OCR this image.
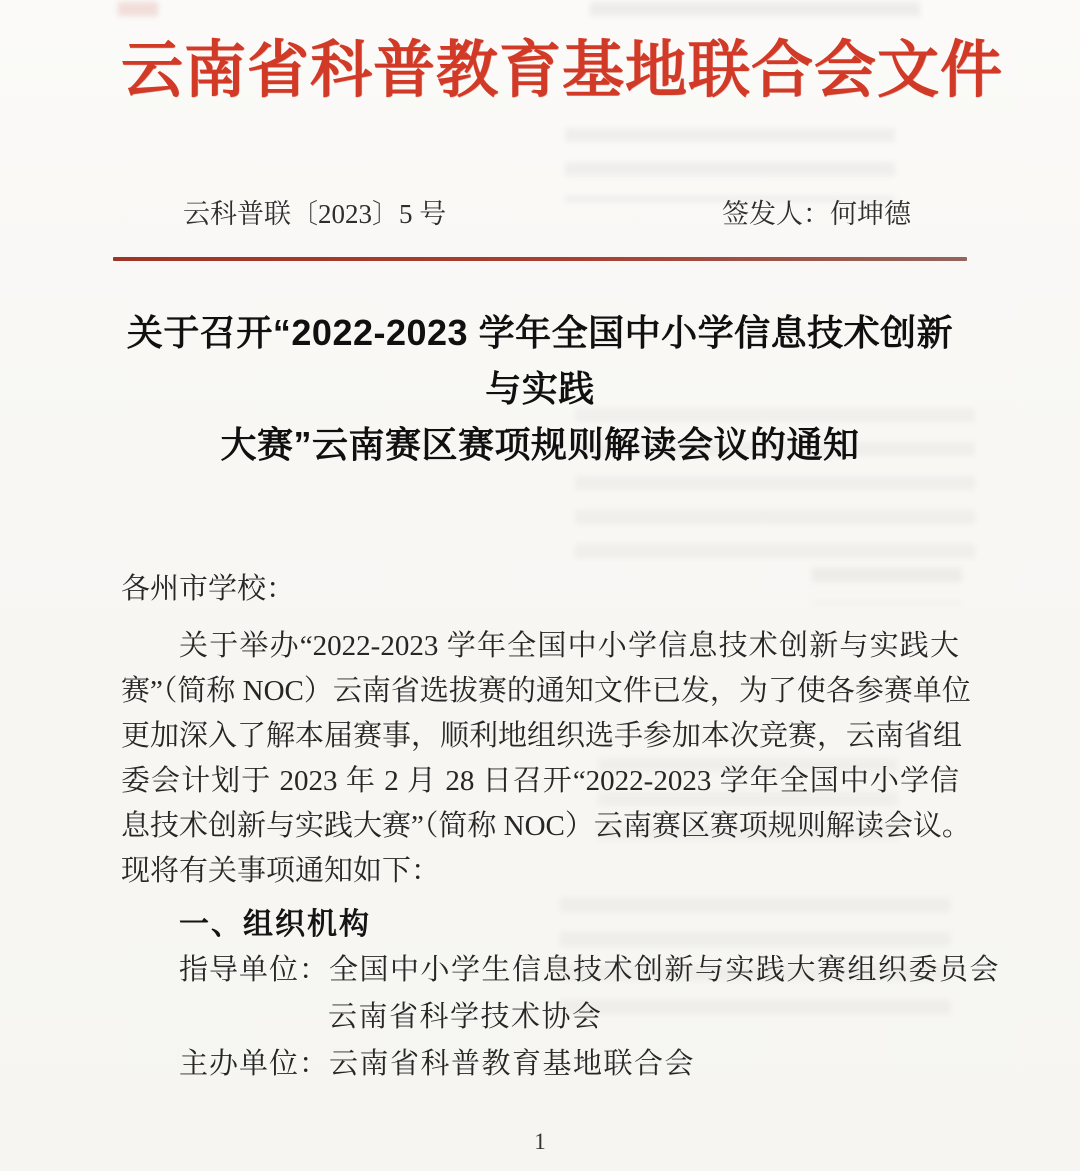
云南省科普教育基地联合会文件
云科普联〔2023〕5 号	签发人：何坤德
关于召开“2022-2023 学年全国中小学信息技术创新与实践
大赛”云南赛区赛项规则解读会议的通知
各州市学校：
关于举办“2022-2023 学年全国中小学信息技术创新与实践大
赛”（简称 NOC）云南省选拔赛的通知文件已发，为了使各参赛单位
更加深入了解本届赛事，顺利地组织选手参加本次竞赛，云南省组
委会计划于 2023 年 2 月 28 日召开“2022-2023 学年全国中小学信
息技术创新与实践大赛”（简称 NOC）云南赛区赛项规则解读会议。
现将有关事项通知如下：
一、组织机构
指导单位：全国中小学生信息技术创新与实践大赛组织委员会
云南省科学技术协会
主办单位：云南省科普教育基地联合会
1
